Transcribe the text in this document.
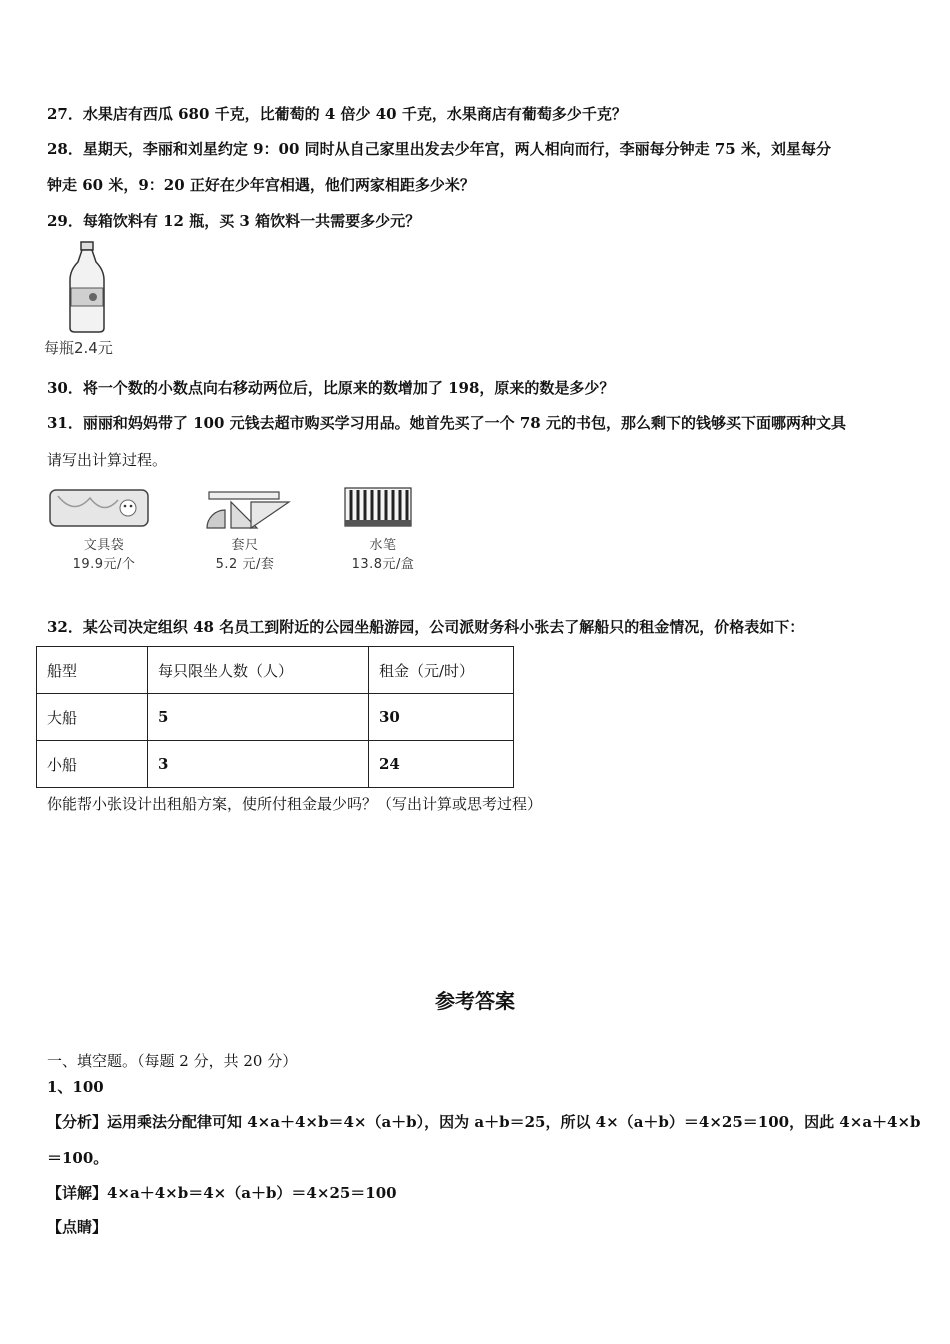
27．水果店有西瓜 680 千克，比葡萄的 4 倍少 40 千克，水果商店有葡萄多少千克？
28．星期天，李丽和刘星约定 9：00 同时从自己家里出发去少年宫，两人相向而行，李丽每分钟走 75 米，刘星每分
钟走 60 米，9：20 正好在少年宫相遇，他们两家相距多少米？
29．每箱饮料有 12 瓶，买 3 箱饮料一共需要多少元？
每瓶2.4元
30．将一个数的小数点向右移动两位后，比原来的数增加了 198，原来的数是多少？
31．丽丽和妈妈带了 100 元钱去超市购买学习用品。她首先买了一个 78 元的书包，那么剩下的钱够买下面哪两种文具
请写出计算过程。
文具袋
19.9元/个
套尺
5.2 元/套
水笔
13.8元/盒
32．某公司决定组织 48 名员工到附近的公园坐船游园，公司派财务科小张去了解船只的租金情况，价格表如下：
船型	每只限坐人数（人）	租金（元/时）
大船	5	30
小船	3	24
你能帮小张设计出租船方案，使所付租金最少吗？（写出计算或思考过程）
参考答案
一、填空题。（每题 2 分，共 20 分）
1、100
【分析】运用乘法分配律可知 4×a＋4×b＝4×（a＋b），因为 a＋b＝25，所以 4×（a＋b）＝4×25＝100，因此 4×a＋4×b
＝100。
【详解】4×a＋4×b＝4×（a＋b）＝4×25＝100
【点睛】
